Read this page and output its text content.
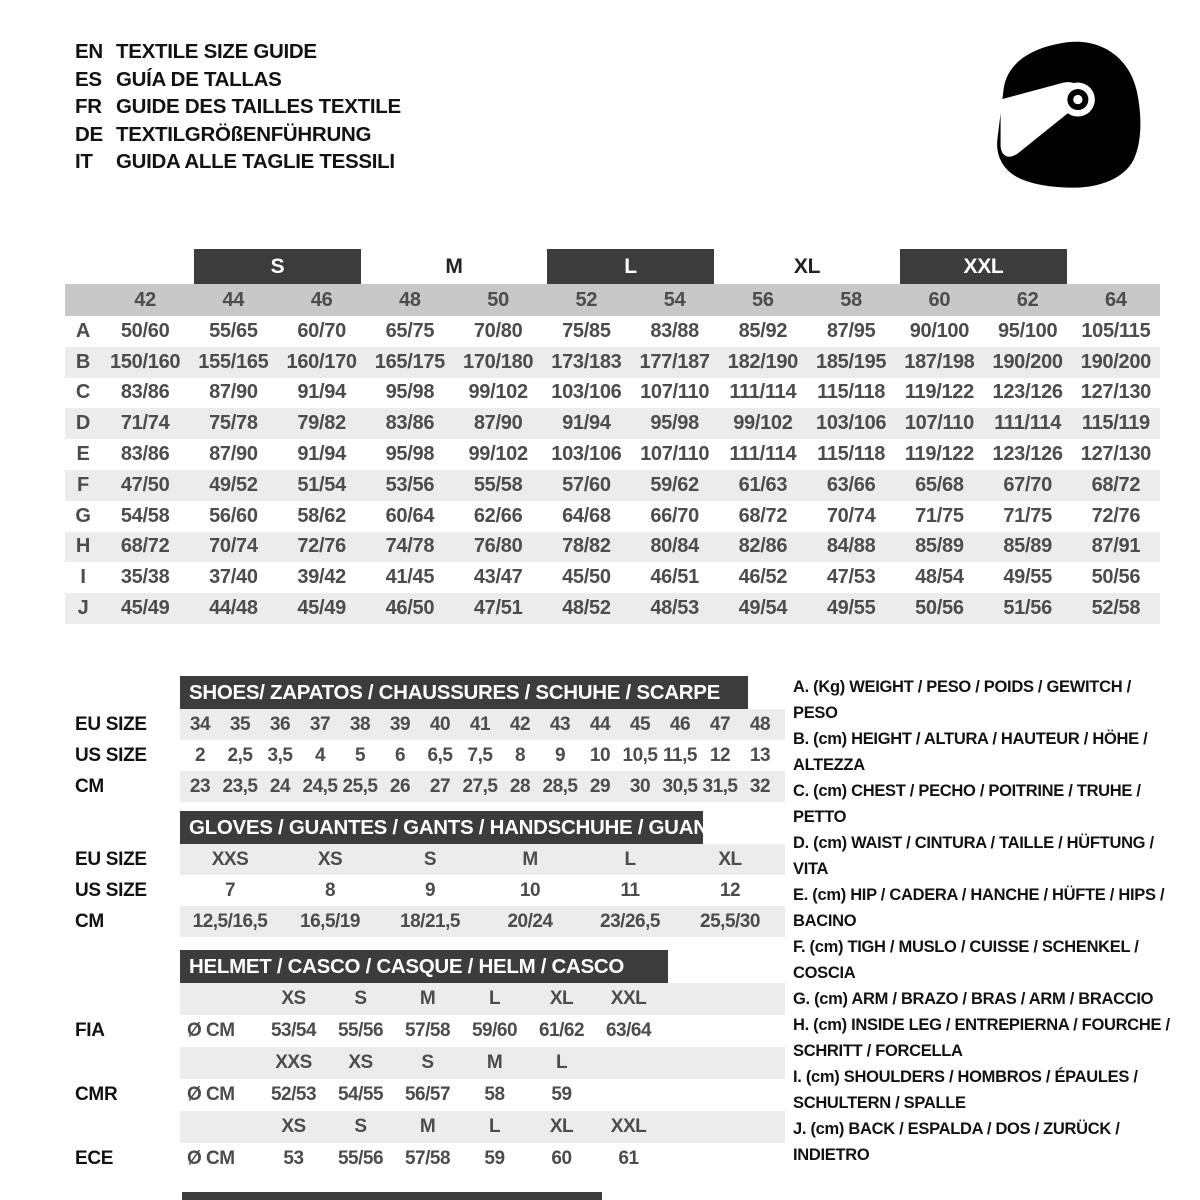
EN TEXTILE SIZE GUIDE
ES GUÍA DE TALLAS
FR GUIDE DES TAILLES TEXTILE
DE TEXTILGRÖßENFÜHRUNG
IT	GUIDA ALLE TAGLIE TESSILI
S	M	L	XL	XXL
42	44	46	48	50	52	54	56	58	60	62	64
A	50/60	55/65	60/70	65/75	70/80	75/85	83/88	85/92	87/95	90/100	95/100	105/115
B 150/160 155/165 160/170 165/175 170/180 173/183 177/187 182/190 185/195 187/198 190/200 190/200
C	83/86	87/90	91/94	95/98	99/102	103/106 107/110	111/114	115/118 119/122 123/126 127/130
D	71/74	75/78	79/82	83/86	87/90	91/94	95/98	99/102	103/106 107/110	111/114	115/119
E	83/86	87/90	91/94	95/98	99/102	103/106 107/110	111/114	115/118 119/122 123/126 127/130
F	47/50	49/52	51/54	53/56	55/58	57/60	59/62	61/63	63/66	65/68	67/70	68/72
G	54/58	56/60	58/62	60/64	62/66	64/68	66/70	68/72	70/74	71/75	71/75	72/76
H	68/72	70/74	72/76	74/78	76/80	78/82	80/84	82/86	84/88	85/89	85/89	87/91
I	35/38	37/40	39/42	41/45	43/47	45/50	46/51	46/52	47/53	48/54	49/55	50/56
J	45/49	44/48	45/49	46/50	47/51	48/52	48/53	49/54	49/55	50/56	51/56	52/58
SHOES/ ZAPATOS / CHAUSSURES / SCHUHE / SCARPE
EU SIZE	34	35	36	37	38	39	40	41	42	43	44	45	46	47	48
US SIZE	2	2,5 3,5	4	5	6	6,5 7,5	8	9	10 10,5 11,5 12	13
CM	23 23,5 24 24,5 25,5 26	27 27,5 28 28,5 29	30 30,5 31,5 32
GLOVES / GUANTES / GANTS / HANDSCHUHE / GUANTI
EU SIZE	XXS	XS	S	M	L	XL
US SIZE	7	8	9	10	11	12
CM	12,5/16,5	16,5/19	18/21,5	20/24	23/26,5	25,5/30
HELMET / CASCO / CASQUE / HELM / CASCO
XS	S	M	L	XL	XXL
FIA	Ø CM	53/54	55/56	57/58	59/60	61/62	63/64
XXS	XS	S	M	L
CMR	Ø CM	52/53	54/55	56/57	58	59
XS	S	M	L	XL	XXL
ECE	Ø CM	53	55/56	57/58	59	60	61
A. (Kg) WEIGHT / PESO / POIDS / GEWITCH / PESO
B. (cm) HEIGHT / ALTURA / HAUTEUR / HÖHE / ALTEZZA
C. (cm) CHEST / PECHO / POITRINE / TRUHE / PETTO
D. (cm) WAIST / CINTURA / TAILLE / HÜFTUNG / VITA
E. (cm) HIP / CADERA / HANCHE / HÜFTE / HIPS / BACINO
F. (cm) TIGH / MUSLO / CUISSE / SCHENKEL / COSCIA
G. (cm) ARM / BRAZO / BRAS / ARM / BRACCIO
H. (cm) INSIDE LEG / ENTREPIERNA / FOURCHE / SCHRITT / FORCELLA
I. (cm) SHOULDERS / HOMBROS / ÉPAULES / SCHULTERN / SPALLE
J. (cm) BACK / ESPALDA / DOS / ZURÜCK / INDIETRO
